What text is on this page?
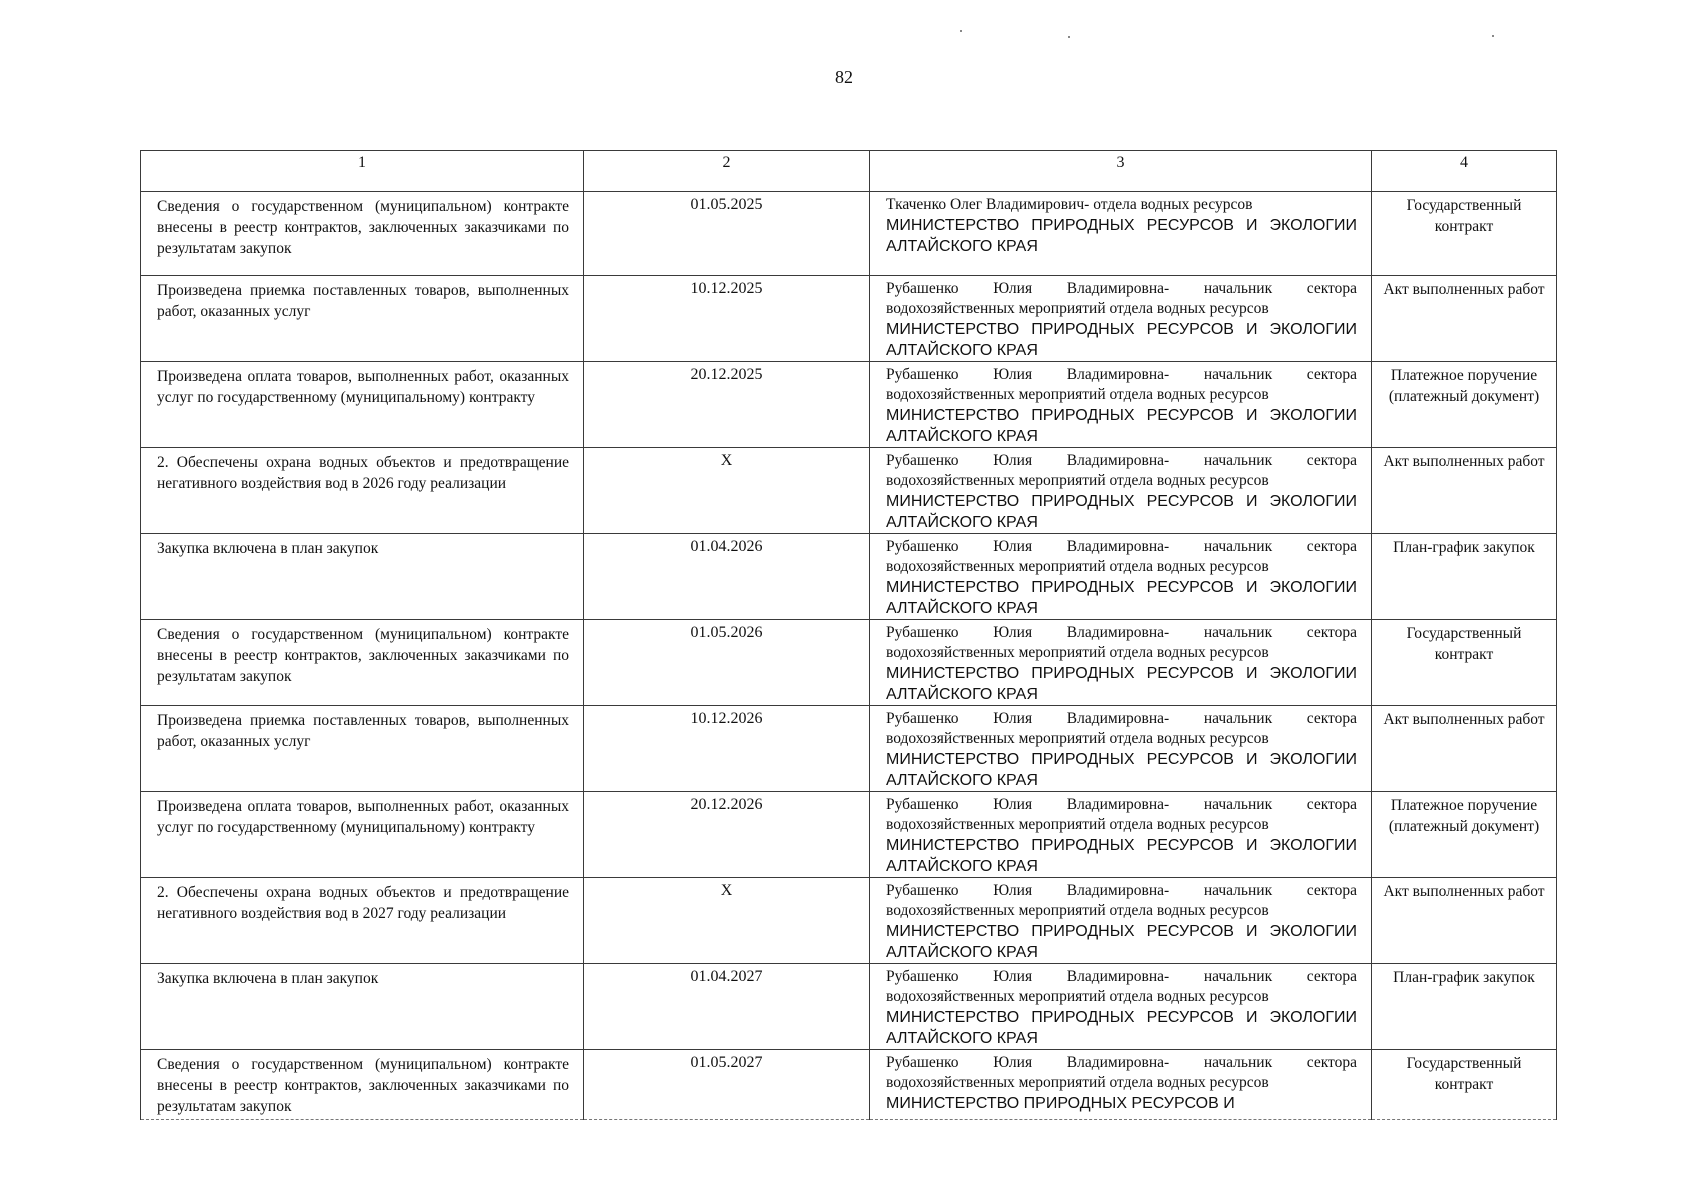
82
1	2	3	4
Сведения о государственном (муниципальном) контракте внесены в реестр контрактов, заключенных заказчиками по результатам закупок	01.05.2025	Ткаченко Олег Владимирович- отдела водных ресурсов
МИНИСТЕРСТВО ПРИРОДНЫХ РЕСУРСОВ И ЭКОЛОГИИ АЛТАЙСКОГО КРАЯ	Государственный контракт
Произведена приемка поставленных товаров, выполненных работ, оказанных услуг	10.12.2025	Рубашенко Юлия Владимировна- начальник сектора водохозяйственных мероприятий отдела водных ресурсов
МИНИСТЕРСТВО ПРИРОДНЫХ РЕСУРСОВ И ЭКОЛОГИИ АЛТАЙСКОГО КРАЯ	Акт выполненных работ
Произведена оплата товаров, выполненных работ, оказанных услуг по государственному (муниципальному) контракту	20.12.2025	Рубашенко Юлия Владимировна- начальник сектора водохозяйственных мероприятий отдела водных ресурсов
МИНИСТЕРСТВО ПРИРОДНЫХ РЕСУРСОВ И ЭКОЛОГИИ АЛТАЙСКОГО КРАЯ	Платежное поручение (платежный документ)
2. Обеспечены охрана водных объектов и предотвращение негативного воздействия вод в 2026 году реализации	X	Рубашенко Юлия Владимировна- начальник сектора водохозяйственных мероприятий отдела водных ресурсов
МИНИСТЕРСТВО ПРИРОДНЫХ РЕСУРСОВ И ЭКОЛОГИИ АЛТАЙСКОГО КРАЯ	Акт выполненных работ
Закупка включена в план закупок	01.04.2026	Рубашенко Юлия Владимировна- начальник сектора водохозяйственных мероприятий отдела водных ресурсов
МИНИСТЕРСТВО ПРИРОДНЫХ РЕСУРСОВ И ЭКОЛОГИИ АЛТАЙСКОГО КРАЯ	План-график закупок
Сведения о государственном (муниципальном) контракте внесены в реестр контрактов, заключенных заказчиками по результатам закупок	01.05.2026	Рубашенко Юлия Владимировна- начальник сектора водохозяйственных мероприятий отдела водных ресурсов
МИНИСТЕРСТВО ПРИРОДНЫХ РЕСУРСОВ И ЭКОЛОГИИ АЛТАЙСКОГО КРАЯ	Государственный контракт
Произведена приемка поставленных товаров, выполненных работ, оказанных услуг	10.12.2026	Рубашенко Юлия Владимировна- начальник сектора водохозяйственных мероприятий отдела водных ресурсов
МИНИСТЕРСТВО ПРИРОДНЫХ РЕСУРСОВ И ЭКОЛОГИИ АЛТАЙСКОГО КРАЯ	Акт выполненных работ
Произведена оплата товаров, выполненных работ, оказанных услуг по государственному (муниципальному) контракту	20.12.2026	Рубашенко Юлия Владимировна- начальник сектора водохозяйственных мероприятий отдела водных ресурсов
МИНИСТЕРСТВО ПРИРОДНЫХ РЕСУРСОВ И ЭКОЛОГИИ АЛТАЙСКОГО КРАЯ	Платежное поручение (платежный документ)
2. Обеспечены охрана водных объектов и предотвращение негативного воздействия вод в 2027 году реализации	X	Рубашенко Юлия Владимировна- начальник сектора водохозяйственных мероприятий отдела водных ресурсов
МИНИСТЕРСТВО ПРИРОДНЫХ РЕСУРСОВ И ЭКОЛОГИИ АЛТАЙСКОГО КРАЯ	Акт выполненных работ
Закупка включена в план закупок	01.04.2027	Рубашенко Юлия Владимировна- начальник сектора водохозяйственных мероприятий отдела водных ресурсов
МИНИСТЕРСТВО ПРИРОДНЫХ РЕСУРСОВ И ЭКОЛОГИИ АЛТАЙСКОГО КРАЯ	План-график закупок
Сведения о государственном (муниципальном) контракте внесены в реестр контрактов, заключенных заказчиками по результатам закупок	01.05.2027	Рубашенко Юлия Владимировна- начальник сектора водохозяйственных мероприятий отдела водных ресурсов
МИНИСТЕРСТВО ПРИРОДНЫХ РЕСУРСОВ И	Государственный контракт
